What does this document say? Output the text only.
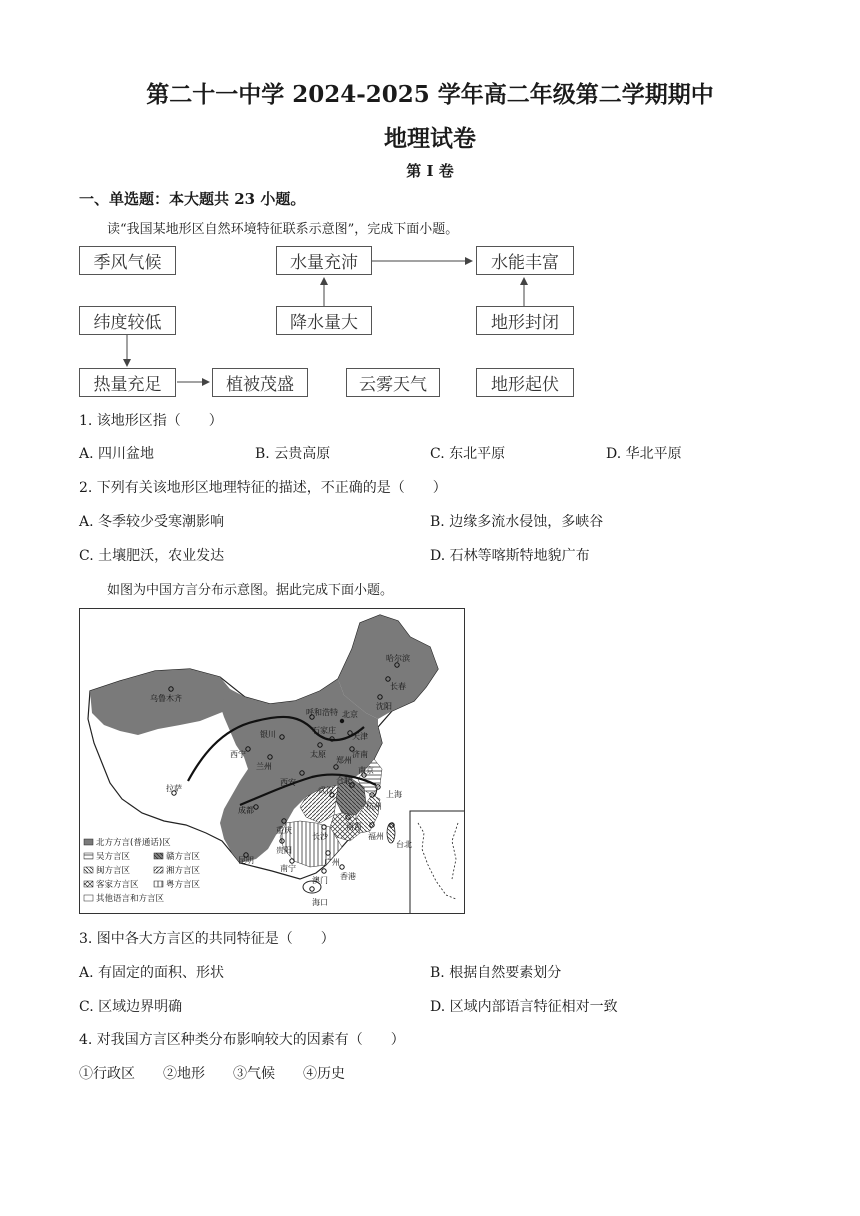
第二十一中学 2024-2025 学年高二年级第二学期期中
地理试卷
第 I 卷
一、单选题：本大题共 23 小题。
读“我国某地形区自然环境特征联系示意图”，完成下面小题。
季风气候	水量充沛	水能丰富
纬度较低	降水量大	地形封闭
热量充足	植被茂盛	云雾天气	地形起伏
1. 该地形区指（　　）
A. 四川盆地	B. 云贵高原	C. 东北平原	D. 华北平原
2. 下列有关该地形区地理特征的描述，不正确的是（　　）
A. 冬季较少受寒潮影响	B. 边缘多流水侵蚀，多峡谷
C. 土壤肥沃，农业发达	D. 石林等喀斯特地貌广布
如图为中国方言分布示意图。据此完成下面小题。
乌鲁木齐
哈尔滨
长春
沈阳
呼和浩特 北京
天津
银川	石家庄
太原	济南
西宁
兰州
郑州
南京
上海
西安	合肥
武汉
杭州
拉萨
成都
重庆
长沙
南昌
福州
贵阳
昆明
台北
南宁
广州
香港
澳门
海口
北方方言(普通话)区
吴方言区	赣方言区
闽方言区	湘方言区
客家方言区	粤方言区
其他语言和方言区
3. 图中各大方言区的共同特征是（　　）
A. 有固定的面积、形状	B. 根据自然要素划分
C. 区域边界明确	D. 区域内部语言特征相对一致
4. 对我国方言区种类分布影响较大的因素有（　　）
①行政区　　②地形　　③气候　　④历史
